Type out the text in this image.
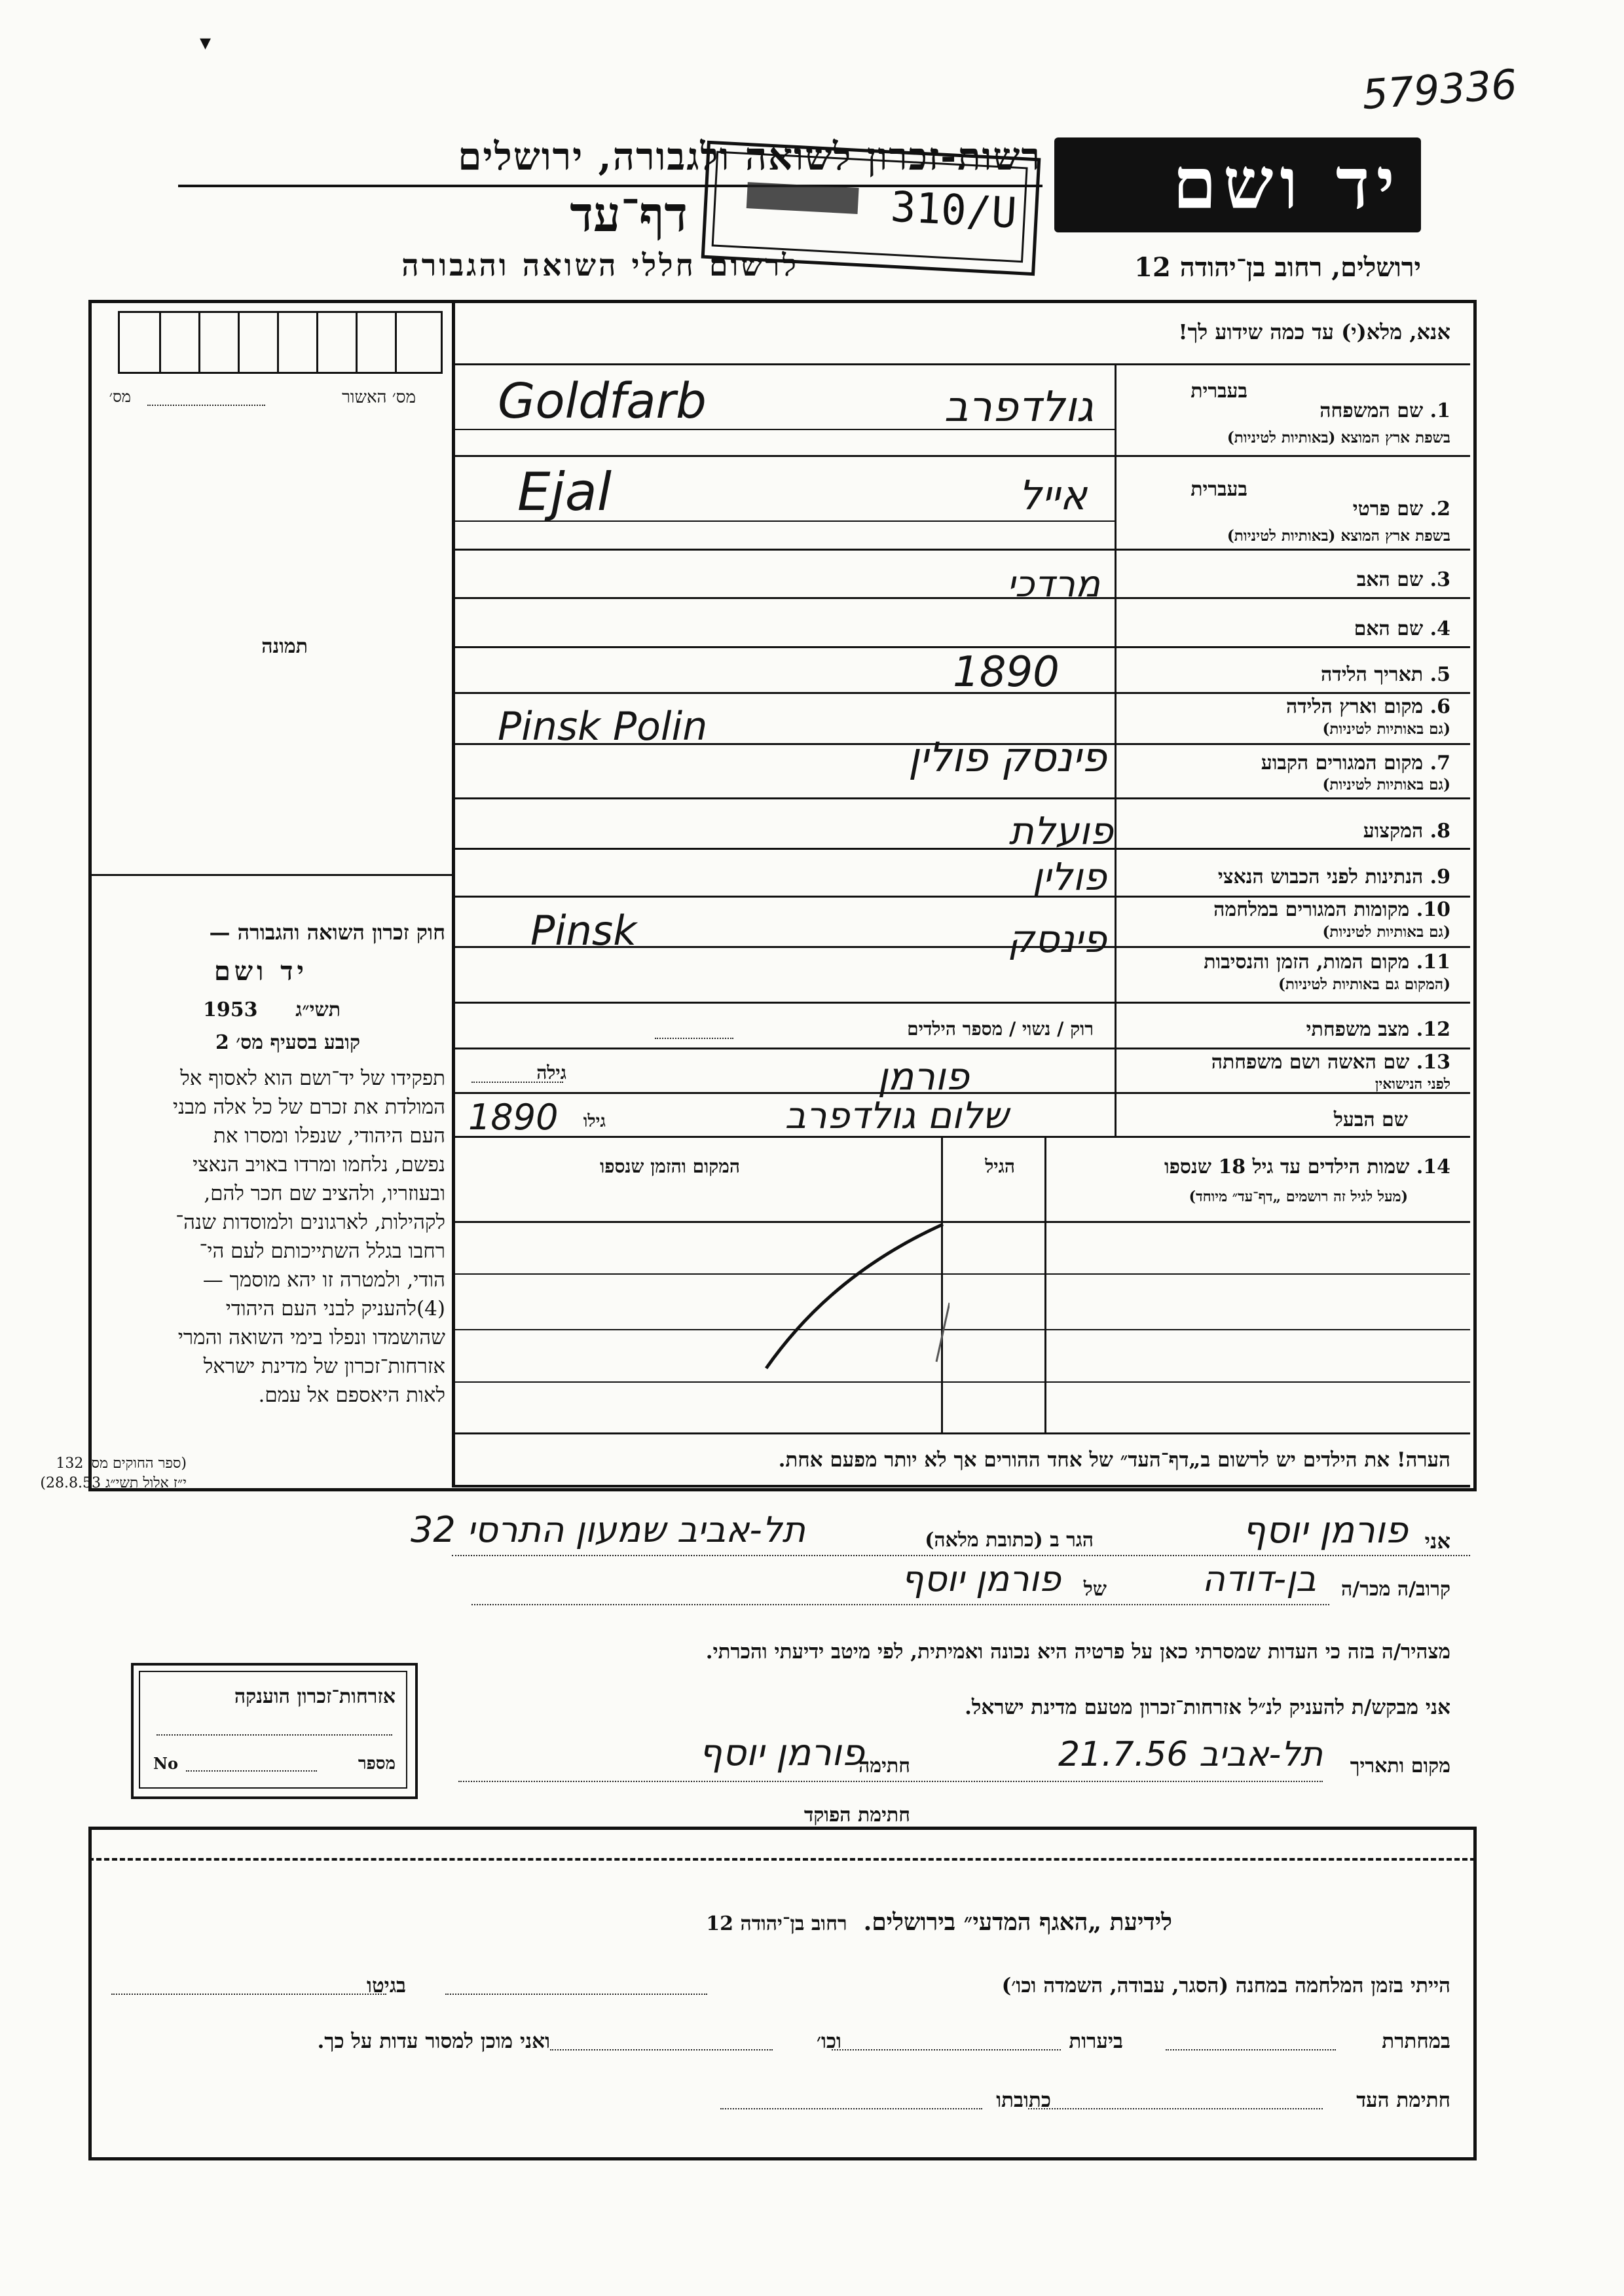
579336
▾
רשות-זכרון לשואה ולגבורה, ירושלים
דף־עד
לרשום חללי השואה והגבורה
310/U יד ושם
ירושלים, רחוב בן־יהודה 12
מס׳ האשור
מס׳
תמונה
חוק זכרון השואה והגבורה —
יד ושם
תשי״ג
1953
קובע בסעיף מס׳ 2
תפקידו של יד־ושם הוא לאסוף אל
המולדת את זכרם של כל אלה מבני
העם היהודי, שנפלו ומסרו את
נפשם, נלחמו ומרדו באויב הנאצי
ובעוזריו, ולהציב שם חכר להם,
לקהילות, לארגונים ולמוסדות שנה־
רחבו בגלל השתייכותם לעם הי־
הודי, ולמטרה זו יהא מוסמך —
(4)להעניק לבני העם היהודי
שהושמדו ונפלו בימי השואה והמרי
אזרחות־זכרון של מדינת ישראל
לאות היאספם אל עמם.
(ספר החוקים מס׳ 132
י״ז אלול תשי״ג 28.8.53)
אנא, מלא(י) עד כמה שידוע לך!
1. שם המשפחה
בשפת ארץ המוצא (באותיות לטיניות)
בעברית
גולדפרב
Goldfarb
2. שם פרטי
בשפת ארץ המוצא (באותיות לטיניות)
בעברית
אייל
Ejal
3. שם האב
מרדכי
4. שם האם
5. תאריך הלידה
1890
6. מקום וארץ הלידה
(גם באותיות לטיניות)
פינסק פולין
Pinsk Polin
7. מקום המגורים הקבוע
(גם באותיות לטיניות)
8. המקצוע
פועלת
9. הנתינות לפני הכבוש הנאצי
פולין
10. מקומות המגורים במלחמה
(גם באותיות לטיניות)
פינסק
Pinsk
11. מקום המות, הזמן והנסיבות
(המקום גם באותיות לטיניות)
12. מצב משפחתי
רוק / נשוי / מספר הילדים
13. שם האשה ושם משפחתה
לפני הנישואין
פורמן
גילה
שם הבעל
שלום גולדפרב
גילו
1890
14. שמות הילדים עד גיל 18 שנספו
(מעל לגיל זה רושמים „דף־עד״ מיוחד)
הגיל
המקום והזמן שנספו
הערה! את הילדים יש לרשום ב„דף־העד״ של אחד ההורים אך לא יותר מפעם אחת.
אני
פורמן יוסף
הגר ב (כתובת מלאה)
תל-אביב שמעון התרסי 32
קרוב/ה מכר/ה
בן-דודה
של
פורמן יוסף
מצהיר/ה בזה כי העדות שמסרתי כאן על פרטיה היא נכונה ואמיתית, לפי מיטב ידיעתי והכרתי.
אני מבקש/ת להעניק לנ״ל אזרחות־זכרון מטעם מדינת ישראל.
מקום ותאריך
תל-אביב 21.7.56
חתימה
פורמן יוסף
חתימת הפוקד
אזרחות־זכרון הוענקה
No	מספר
לידיעת „האגף המדעי״ בירושלים.  רחוב בן־יהודה 12
הייתי בזמן המלחמה במחנה (הסגר, עבודה, השמדה וכו׳)
בגיטו
במחתרת
ביערות
וכו׳
ואני מוכן למסור עדות על כך.
חתימת העד
כתובתו
